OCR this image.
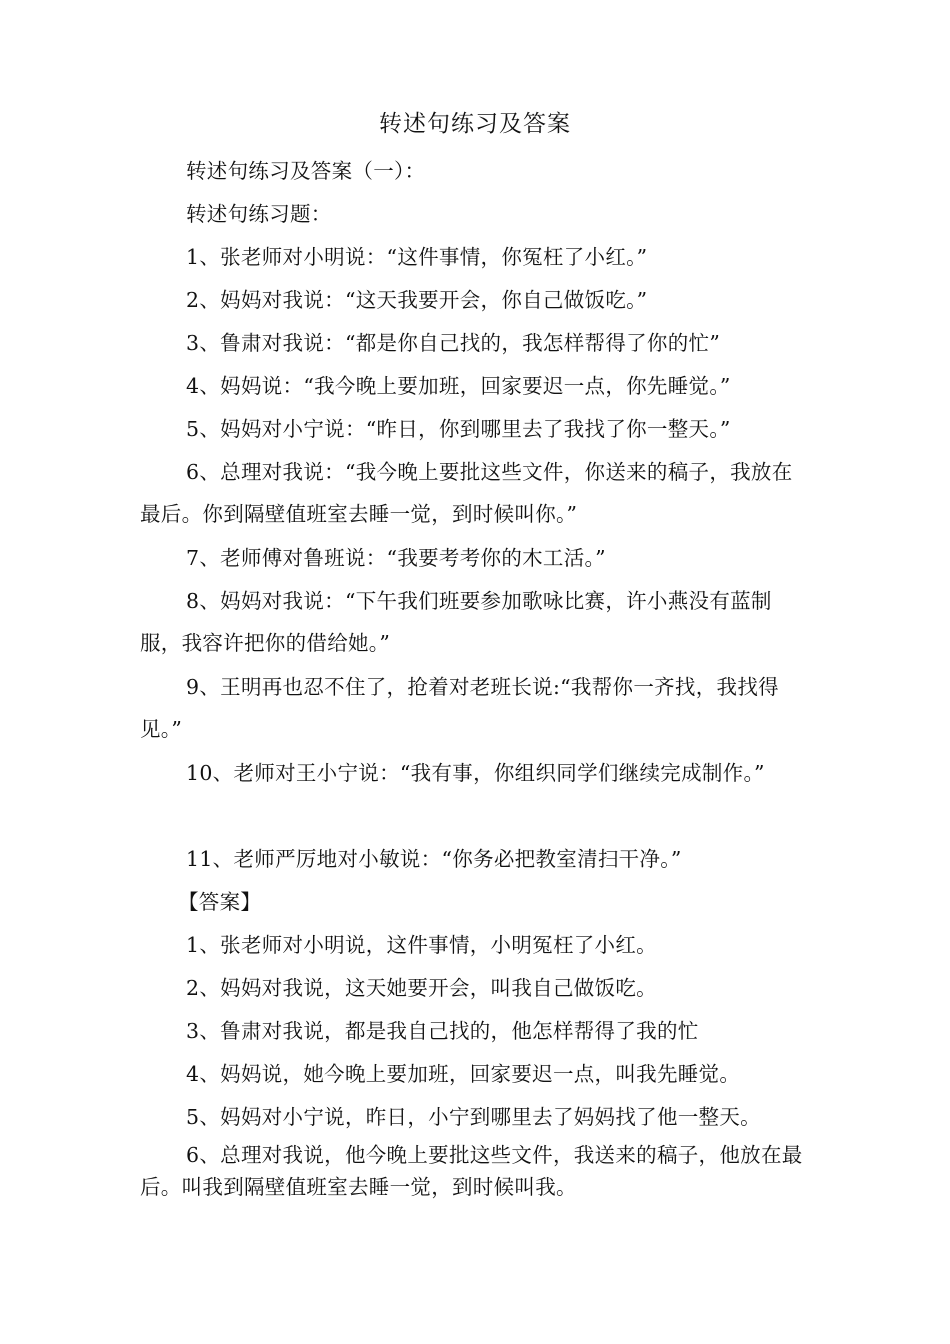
转述句练习及答案
转述句练习及答案（一）：
转述句练习题：
1、张老师对小明说：“这件事情，你冤枉了小红。”
2、妈妈对我说：“这天我要开会，你自己做饭吃。”
3、鲁肃对我说：“都是你自己找的，我怎样帮得了你的忙”
4、妈妈说：“我今晚上要加班，回家要迟一点，你先睡觉。”
5、妈妈对小宁说：“昨日，你到哪里去了我找了你一整天。”
6、总理对我说：“我今晚上要批这些文件，你送来的稿子，我放在最后。你到隔壁值班室去睡一觉，到时候叫你。”
7、老师傅对鲁班说：“我要考考你的木工活。”
8、妈妈对我说：“下午我们班要参加歌咏比赛，许小燕没有蓝制服，我容许把你的借给她。”
9、王明再也忍不住了，抢着对老班长说:“我帮你一齐找，我找得见。”
10、老师对王小宁说：“我有事，你组织同学们继续完成制作。”
11、老师严厉地对小敏说：“你务必把教室清扫干净。”
【答案】
1、张老师对小明说，这件事情，小明冤枉了小红。
2、妈妈对我说，这天她要开会，叫我自己做饭吃。
3、鲁肃对我说，都是我自己找的，他怎样帮得了我的忙
4、妈妈说，她今晚上要加班，回家要迟一点，叫我先睡觉。
5、妈妈对小宁说，昨日，小宁到哪里去了妈妈找了他一整天。
6、总理对我说，他今晚上要批这些文件，我送来的稿子，他放在最后。叫我到隔壁值班室去睡一觉，到时候叫我。
